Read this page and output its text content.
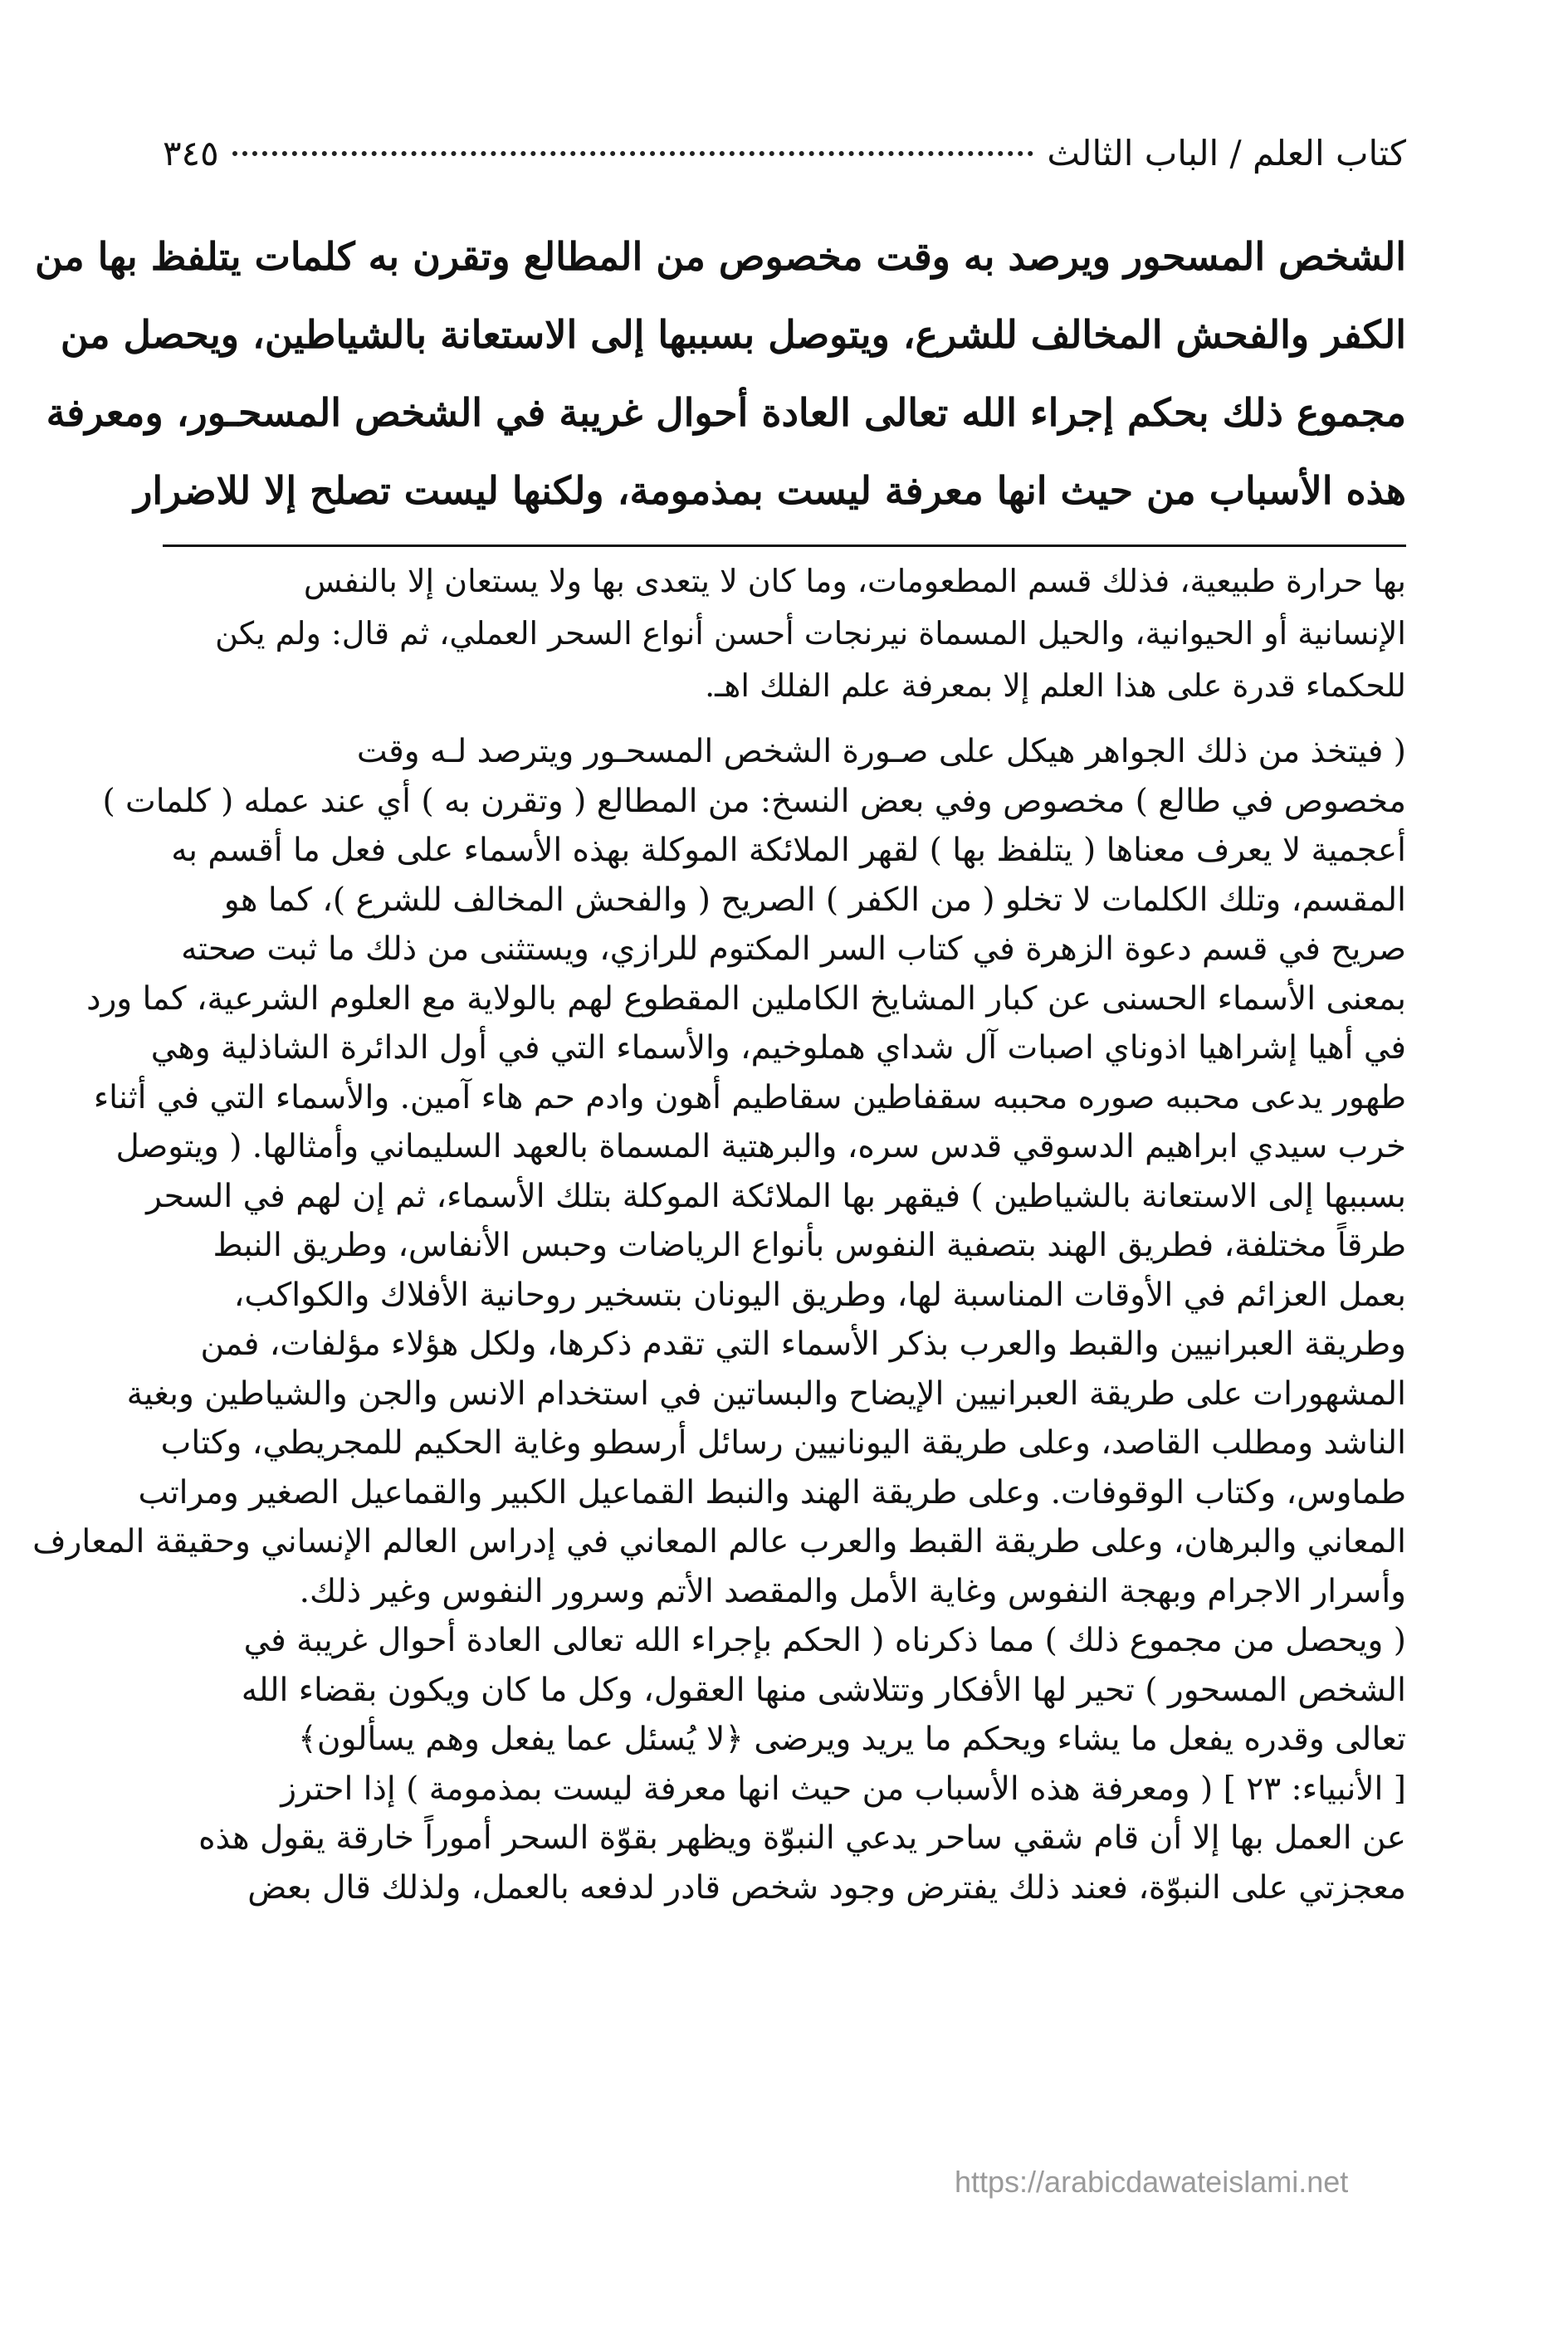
كتاب العلم / الباب الثالث
٣٤٥
الشخص المسحور ويرصد به وقت مخصوص من المطالع وتقرن به كلمات يتلفظ بها من
الكفر والفحش المخالف للشرع، ويتوصل بسببها إلى الاستعانة بالشياطين، ويحصل من
مجموع ذلك بحكم إجراء الله تعالى العادة أحوال غريبة في الشخص المسحـور، ومعرفة
هذه الأسباب من حيث انها معرفة ليست بمذمومة، ولكنها ليست تصلح إلا للاضرار
بها حرارة طبيعية، فذلك قسم المطعومات، وما كان لا يتعدى بها ولا يستعان إلا بالنفس
الإنسانية أو الحيوانية، والحيل المسماة نيرنجات أحسن أنواع السحر العملي، ثم قال: ولم يكن
للحكماء قدرة على هذا العلم إلا بمعرفة علم الفلك اهـ.
( فيتخذ من ذلك الجواهر هيكل على صـورة الشخص المسحـور ويترصد لـه وقت
مخصوص في طالع ) مخصوص وفي بعض النسخ: من المطالع ( وتقرن به ) أي عند عمله ( كلمات )
أعجمية لا يعرف معناها ( يتلفظ بها ) لقهر الملائكة الموكلة بهذه الأسماء على فعل ما أقسم به
المقسم، وتلك الكلمات لا تخلو ( من الكفر ) الصريح ( والفحش المخالف للشرع )، كما هو
صريح في قسم دعوة الزهرة في كتاب السر المكتوم للرازي، ويستثنى من ذلك ما ثبت صحته
بمعنى الأسماء الحسنى عن كبار المشايخ الكاملين المقطوع لهم بالولاية مع العلوم الشرعية، كما ورد
في أهيا إشراهيا اذوناي اصبات آل شداي هملوخيم، والأسماء التي في أول الدائرة الشاذلية وهي
طهور يدعى محببه صوره محببه سقفاطين سقاطيم أهون وادم حم هاء آمين. والأسماء التي في أثناء
خرب سيدي ابراهيم الدسوقي قدس سره، والبرهتية المسماة بالعهد السليماني وأمثالها. ( ويتوصل
بسببها إلى الاستعانة بالشياطين ) فيقهر بها الملائكة الموكلة بتلك الأسماء، ثم إن لهم في السحر
طرقاً مختلفة، فطريق الهند بتصفية النفوس بأنواع الرياضات وحبس الأنفاس، وطريق النبط
بعمل العزائم في الأوقات المناسبة لها، وطريق اليونان بتسخير روحانية الأفلاك والكواكب،
وطريقة العبرانيين والقبط والعرب بذكر الأسماء التي تقدم ذكرها، ولكل هؤلاء مؤلفات، فمن
المشهورات على طريقة العبرانيين الإيضاح والبساتين في استخدام الانس والجن والشياطين وبغية
الناشد ومطلب القاصد، وعلى طريقة اليونانيين رسائل أرسطو وغاية الحكيم للمجريطي، وكتاب
طماوس، وكتاب الوقوفات. وعلى طريقة الهند والنبط القماعيل الكبير والقماعيل الصغير ومراتب
المعاني والبرهان، وعلى طريقة القبط والعرب عالم المعاني في إدراس العالم الإنساني وحقيقة المعارف
وأسرار الاجرام وبهجة النفوس وغاية الأمل والمقصد الأتم وسرور النفوس وغير ذلك.
( ويحصل من مجموع ذلك ) مما ذكرناه ( الحكم بإجراء الله تعالى العادة أحوال غريبة في
الشخص المسحور ) تحير لها الأفكار وتتلاشى منها العقول، وكل ما كان ويكون بقضاء الله
تعالى وقدره يفعل ما يشاء ويحكم ما يريد ويرضى ﴿لا يُسئل عما يفعل وهم يسألون﴾
[ الأنبياء: ٢٣ ] ( ومعرفة هذه الأسباب من حيث انها معرفة ليست بمذمومة ) إذا احترز
عن العمل بها إلا أن قام شقي ساحر يدعي النبوّة ويظهر بقوّة السحر أموراً خارقة يقول هذه
معجزتي على النبوّة، فعند ذلك يفترض وجود شخص قادر لدفعه بالعمل، ولذلك قال بعض
https://arabicdawateislami.net
